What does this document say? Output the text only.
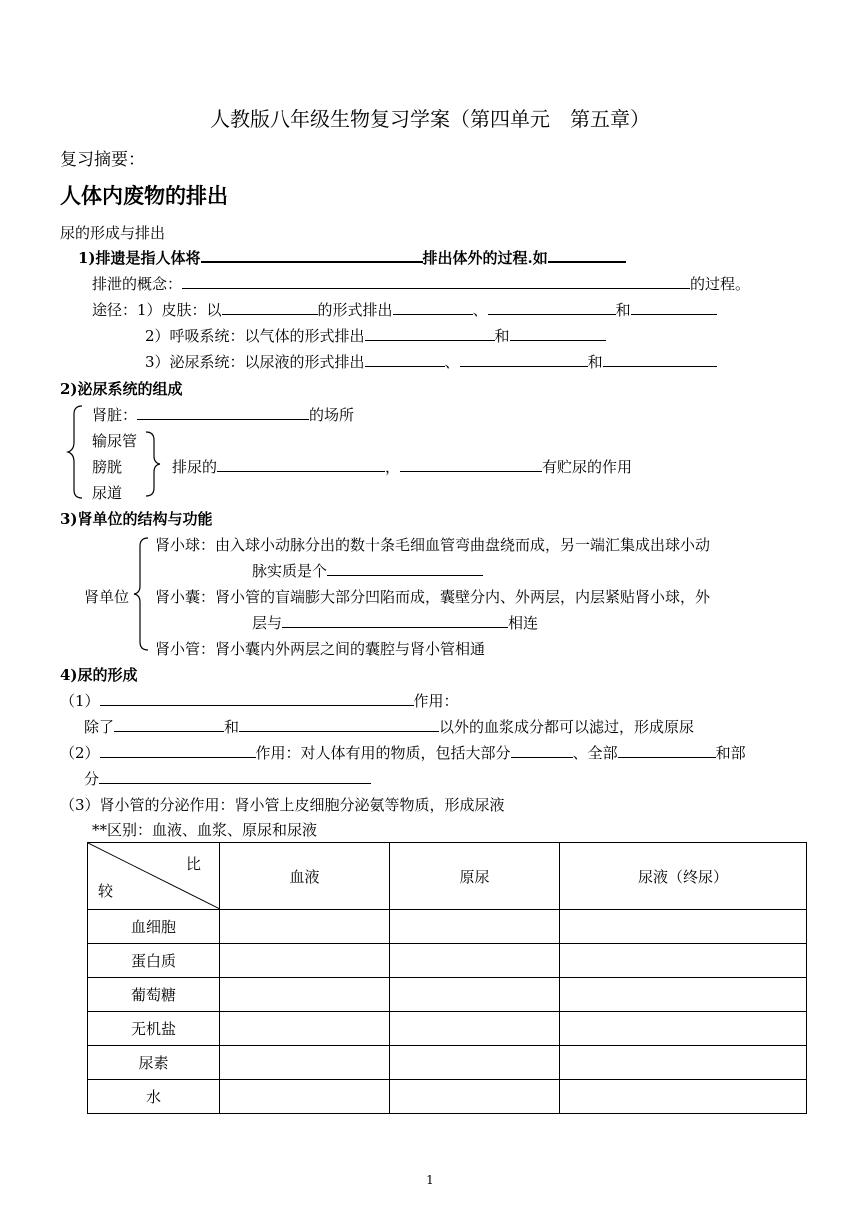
人教版八年级生物复习学案（第四单元　第五章）
复习摘要：
人体内废物的排出
尿的形成与排出
1)排遗是指人体将	排出体外的过程.如
排泄的概念：	的过程。
途径：1）皮肤：以	的形式排出	、	和
2）呼吸系统：以气体的形式排出	和
3）泌尿系统：以尿液的形式排出	、	和
2)泌尿系统的组成
肾脏：	的场所
输尿管
膀胱
尿道
排尿的	，	有贮尿的作用
3)肾单位的结构与功能
肾单位
肾小球：由入球小动脉分出的数十条毛细血管弯曲盘绕而成，另一端汇集成出球小动
脉实质是个
肾小囊：肾小管的盲端膨大部分凹陷而成，囊壁分内、外两层，内层紧贴肾小球，外
层与	相连
肾小管：肾小囊内外两层之间的囊腔与肾小管相通
4)尿的形成
（1）	作用：
除了	和	以外的血浆成分都可以滤过，形成原尿
（2）	作用：对人体有用的物质，包括大部分	、全部	和部
分
（3）肾小管的分泌作用：肾小管上皮细胞分泌氨等物质，形成尿液
**区别：血液、血浆、原尿和尿液
比
较	血液	原尿	尿液（终尿）
血细胞			
蛋白质			
葡萄糖			
无机盐			
尿素			
水			
1
